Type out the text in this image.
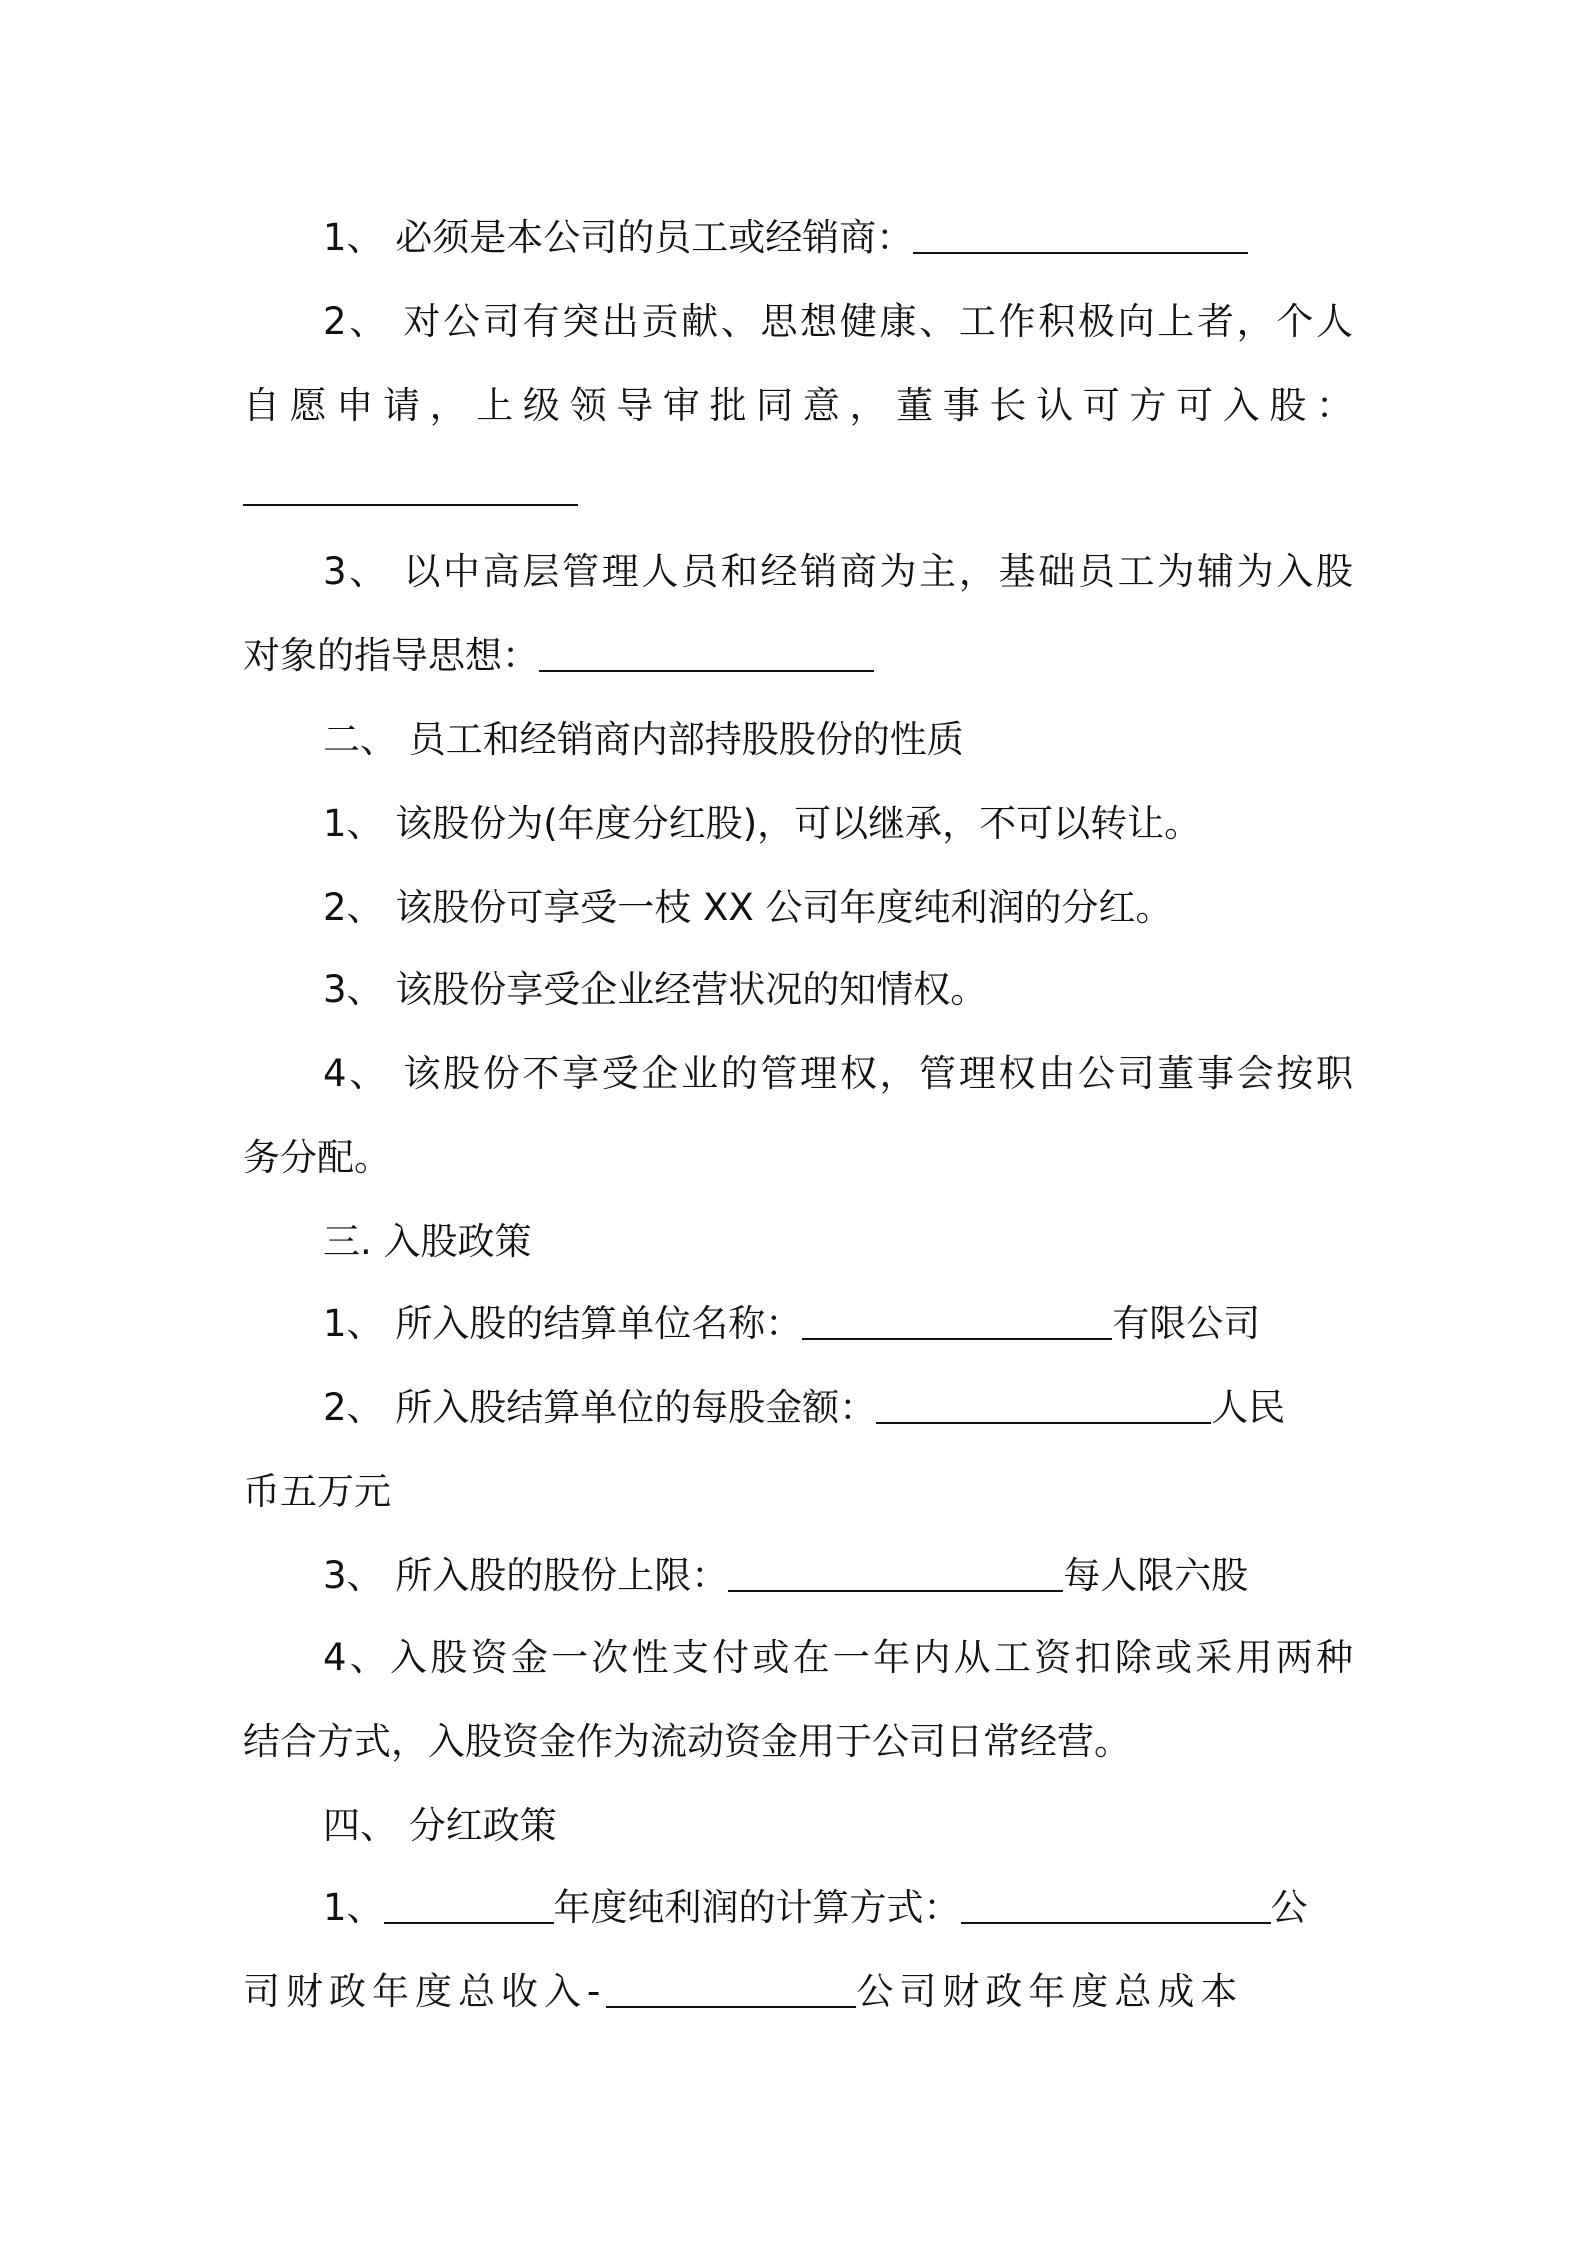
1、 必须是本公司的员工或经销商：
2、 对公司有突出贡献、思想健康、工作积极向上者，个人
自愿申请，上级领导审批同意，董事长认可方可入股：
3、 以中高层管理人员和经销商为主，基础员工为辅为入股
对象的指导思想：
二、 员工和经销商内部持股股份的性质
1、 该股份为(年度分红股)，可以继承，不可以转让。
2、 该股份可享受一枝 XX 公司年度纯利润的分红。
3、 该股份享受企业经营状况的知情权。
4、 该股份不享受企业的管理权，管理权由公司董事会按职
务分配。
三. 入股政策
1、 所入股的结算单位名称：	有限公司
2、 所入股结算单位的每股金额：	人民
币五万元
3、 所入股的股份上限：	每人限六股
4、入股资金一次性支付或在一年内从工资扣除或采用两种
结合方式，入股资金作为流动资金用于公司日常经营。
四、 分红政策
1、	年度纯利润的计算方式：	公
司财政年度总收入-	公司财政年度总成本
